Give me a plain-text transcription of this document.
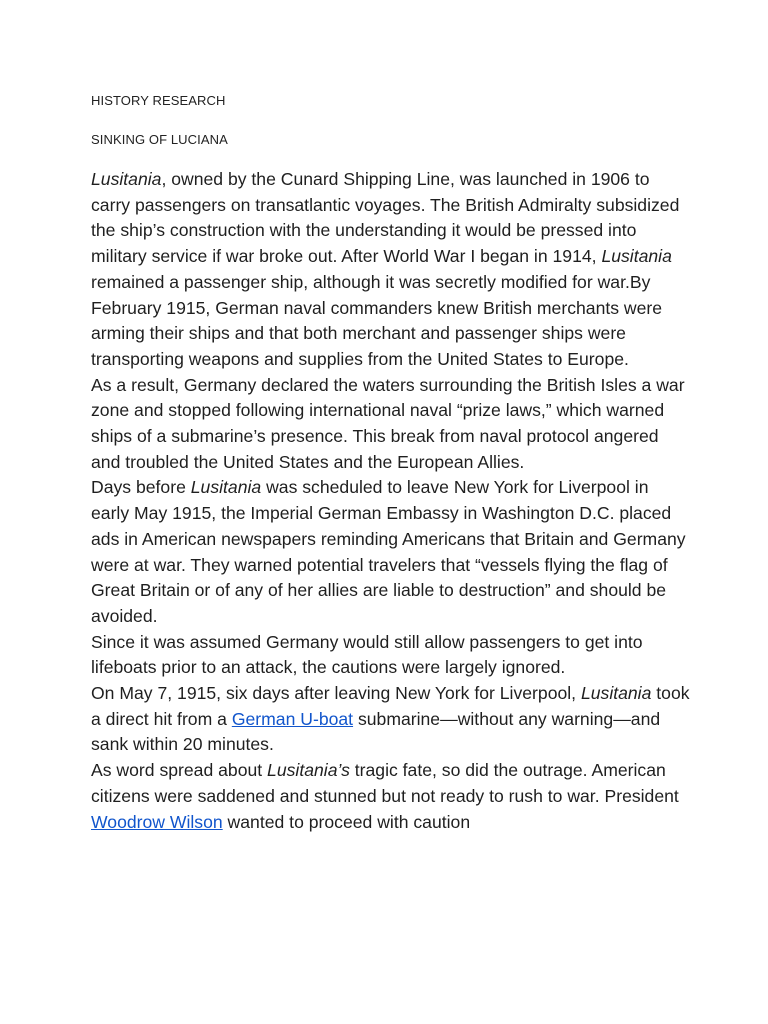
HISTORY RESEARCH
SINKING OF LUCIANA

Lusitania, owned by the Cunard Shipping Line, was launched in 1906 to carry passengers on transatlantic voyages. The British Admiralty subsidized the ship’s construction with the understanding it would be pressed into military service if war broke out. After World War I began in 1914, Lusitania remained a passenger ship, although it was secretly modified for war.By February 1915, German naval commanders knew British merchants were arming their ships and that both merchant and passenger ships were transporting weapons and supplies from the United States to Europe.

As a result, Germany declared the waters surrounding the British Isles a war zone and stopped following international naval “prize laws,” which warned ships of a submarine’s presence. This break from naval protocol angered and troubled the United States and the European Allies.

Days before Lusitania was scheduled to leave New York for Liverpool in early May 1915, the Imperial German Embassy in Washington D.C. placed ads in American newspapers reminding Americans that Britain and Germany were at war. They warned potential travelers that “vessels flying the flag of Great Britain or of any of her allies are liable to destruction” and should be avoided.

Since it was assumed Germany would still allow passengers to get into lifeboats prior to an attack, the cautions were largely ignored.

On May 7, 1915, six days after leaving New York for Liverpool, Lusitania took a direct hit from a German U-boat submarine—without any warning—and sank within 20 minutes.

As word spread about Lusitania’s tragic fate, so did the outrage. American citizens were saddened and stunned but not ready to rush to war. President Woodrow Wilson wanted to proceed with caution
